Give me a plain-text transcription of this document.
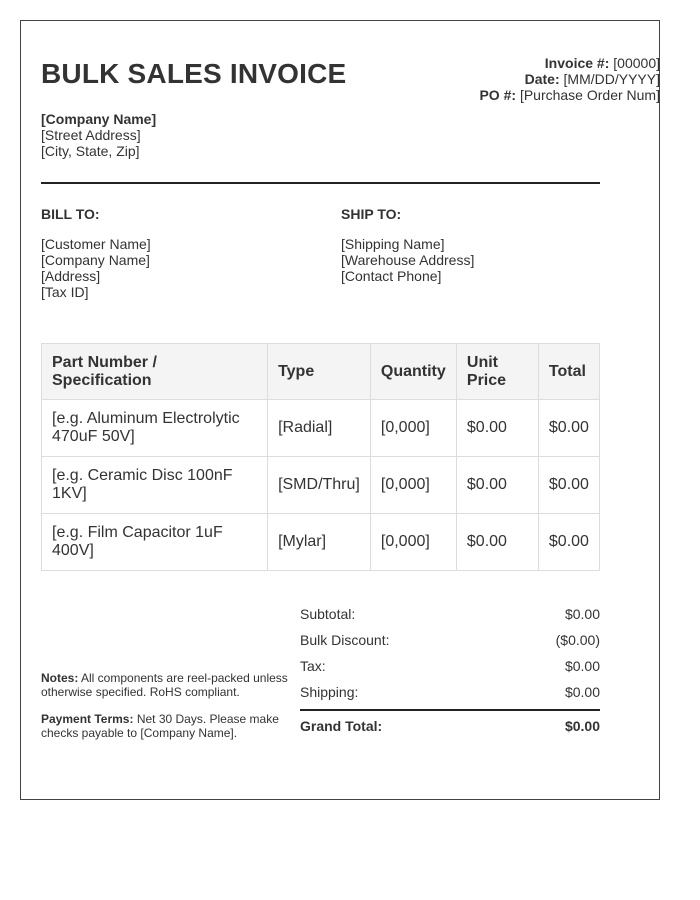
BULK SALES INVOICE	Invoice #: [00000]
Date: [MM/DD/YYYY]
PO #: [Purchase Order Num]
[Company Name]
[Street Address]
[City, State, Zip]
BILL TO:
[Customer Name]
[Company Name]
[Address]
[Tax ID]
SHIP TO:
[Shipping Name]
[Warehouse Address]
[Contact Phone]
Part Number / Specification	Type	Quantity	Unit Price	Total
[e.g. Aluminum Electrolytic 470uF 50V]	[Radial]	[0,000]	$0.00	$0.00
[e.g. Ceramic Disc 100nF 1KV]	[SMD/Thru]	[0,000]	$0.00	$0.00
[e.g. Film Capacitor 1uF 400V]	[Mylar]	[0,000]	$0.00	$0.00
Notes: All components are reel-packed unless otherwise specified. RoHS compliant.
Payment Terms: Net 30 Days. Please make checks payable to [Company Name].
Subtotal:	$0.00
Bulk Discount:	($0.00)
Tax:	$0.00
Shipping:	$0.00
Grand Total:	$0.00
